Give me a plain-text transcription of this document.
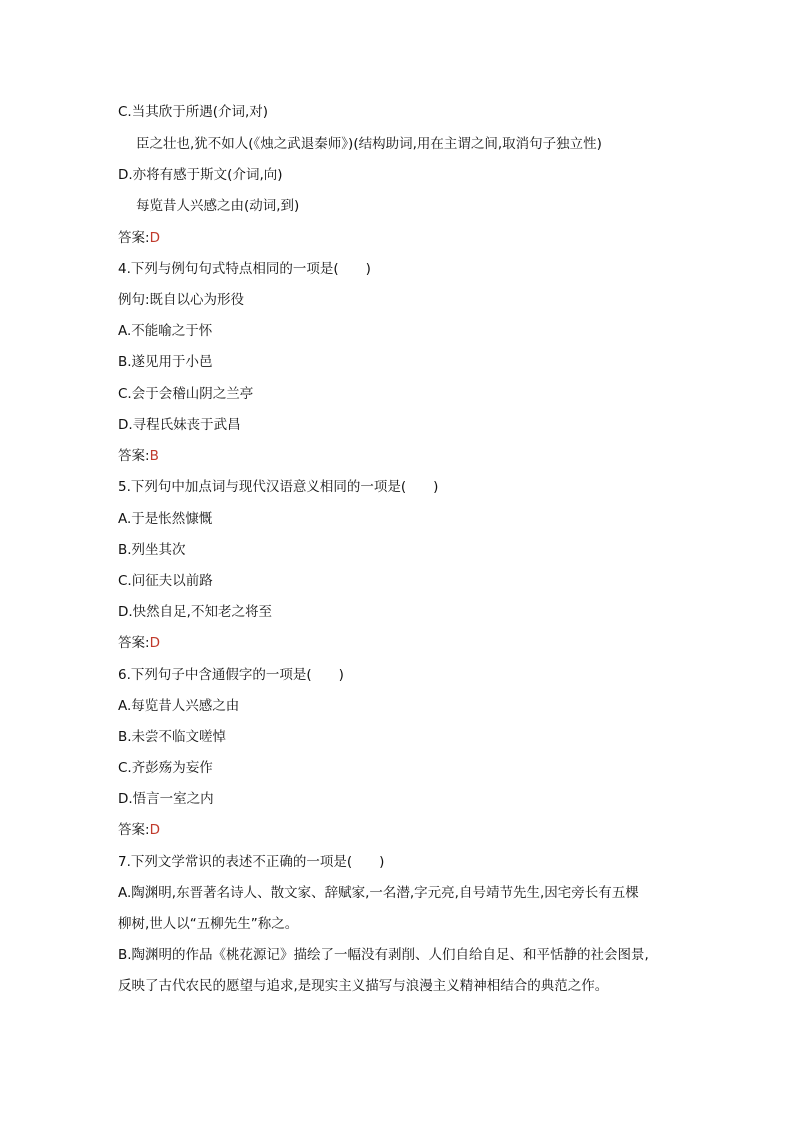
C.当其欣于所遇(介词,对)
臣之壮也,犹不如人(《烛之武退秦师》)(结构助词,用在主谓之间,取消句子独立性)
D.亦将有感于斯文(介词,向)
每览昔人兴感之由(动词,到)
答案:D
4.下列与例句句式特点相同的一项是(　　)
例句:既自以心为形役
A.不能喻之于怀
B.遂见用于小邑
C.会于会稽山阴之兰亭
D.寻程氏妹丧于武昌
答案:B
5.下列句中加点词与现代汉语意义相同的一项是(　　)
A.于是怅然慷慨
B.列坐其次
C.问征夫以前路
D.快然自足,不知老之将至
答案:D
6.下列句子中含通假字的一项是(　　)
A.每览昔人兴感之由
B.未尝不临文嗟悼
C.齐彭殇为妄作
D.悟言一室之内
答案:D
7.下列文学常识的表述不正确的一项是(　　)
A.陶渊明,东晋著名诗人、散文家、辞赋家,一名潜,字元亮,自号靖节先生,因宅旁长有五棵
柳树,世人以“五柳先生”称之。
B.陶渊明的作品《桃花源记》描绘了一幅没有剥削、人们自给自足、和平恬静的社会图景,
反映了古代农民的愿望与追求,是现实主义描写与浪漫主义精神相结合的典范之作。
